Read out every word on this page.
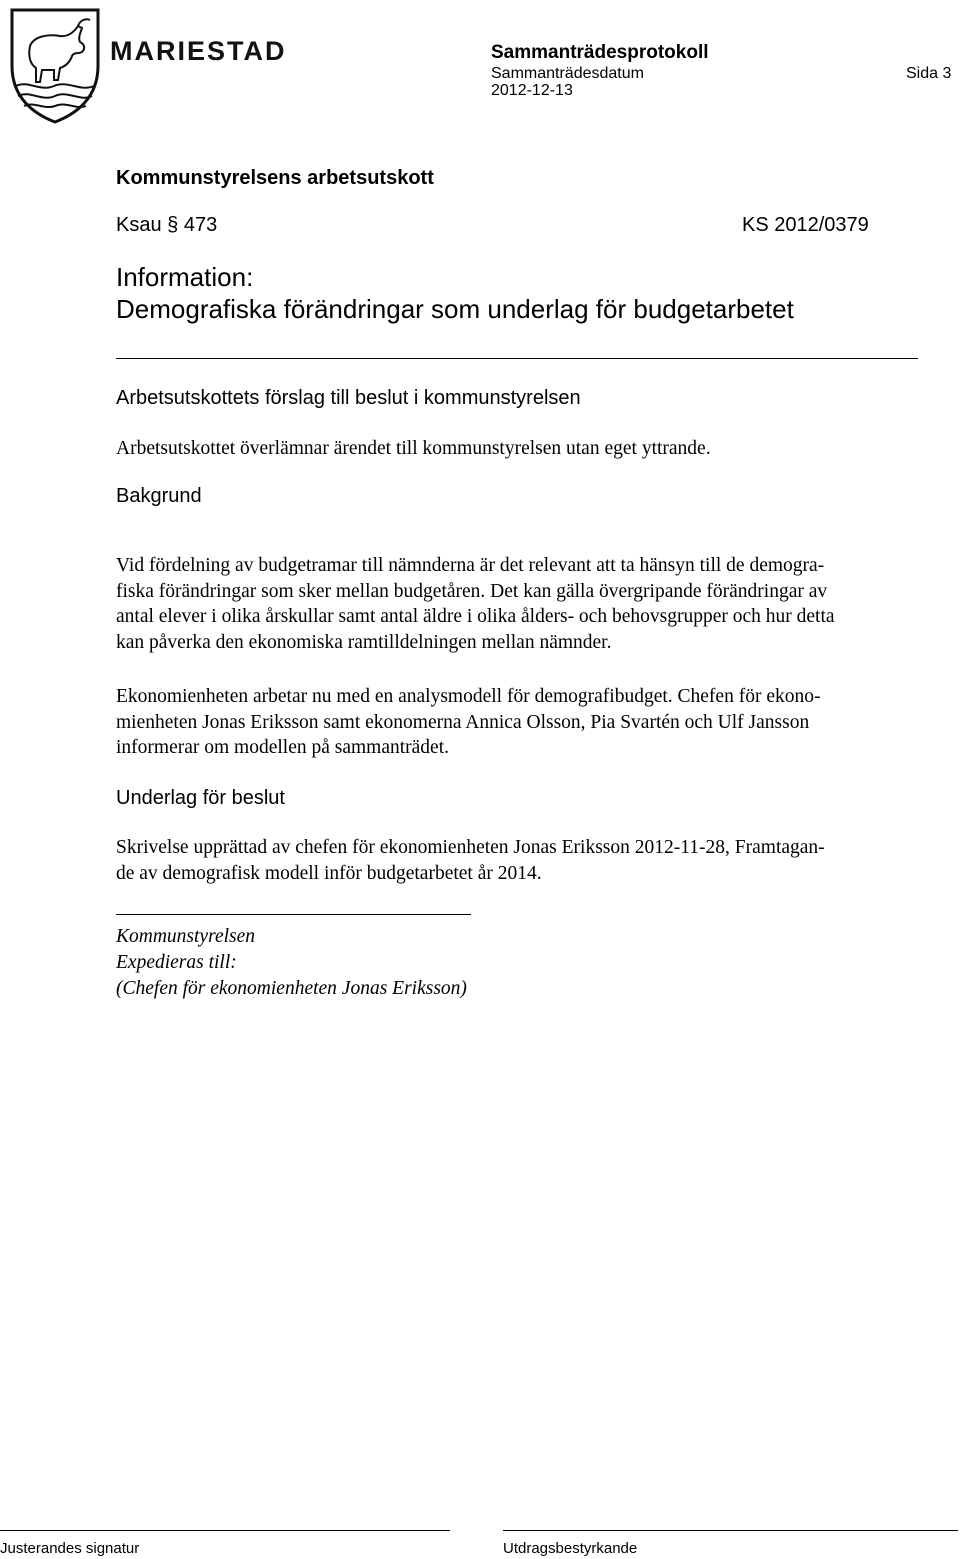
MARIESTAD	Sammanträdesprotokoll
Sammanträdesdatum
2012-12-13
Sida 3
Kommunstyrelsens arbetsutskott
Ksau § 473	KS 2012/0379
Information:
Demografiska förändringar som underlag för budgetarbetet
Arbetsutskottets förslag till beslut i kommunstyrelsen
Arbetsutskottet överlämnar ärendet till kommunstyrelsen utan eget yttrande.
Bakgrund

Vid fördelning av budgetramar till nämnderna är det relevant att ta hänsyn till de demogra-

fiska förändringar som sker mellan budgetåren. Det kan gälla övergripande förändringar av

antal elever i olika årskullar samt antal äldre i olika ålders- och behovsgrupper och hur detta

kan påverka den ekonomiska ramtilldelningen mellan nämnder.

Ekonomienheten arbetar nu med en analysmodell för demografibudget. Chefen för ekono-

mienheten Jonas Eriksson samt ekonomerna Annica Olsson, Pia Svartén och Ulf Jansson

informerar om modellen på sammanträdet.

Underlag för beslut

Skrivelse upprättad av chefen för ekonomienheten Jonas Eriksson 2012-11-28, Framtagan-

de av demografisk modell inför budgetarbetet år 2014.

Kommunstyrelsen
Expedieras till:
(Chefen för ekonomienheten Jonas Eriksson)
Justerandes signatur	Utdragsbestyrkande
